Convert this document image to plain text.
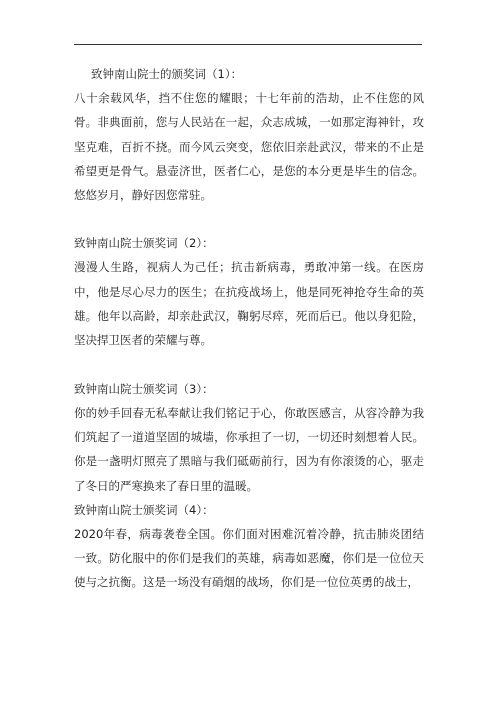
致钟南山院士的颁奖词（1）：

八十余载风华，挡不住您的耀眼；十七年前的浩劫，止不住您的风骨。非典面前，您与人民站在一起，众志成城，一如那定海神针，攻坚克难，百折不挠。而今风云突变，您依旧亲赴武汉，带来的不止是希望更是骨气。悬壶济世，医者仁心，是您的本分更是毕生的信念。悠悠岁月，静好因您常驻。

致钟南山院士颁奖词（2）：

漫漫人生路，视病人为己任；抗击新病毒，勇敢冲第一线。在医房中，他是尽心尽力的医生；在抗疫战场上，他是同死神抢夺生命的英雄。他年以高龄，却亲赴武汉，鞠躬尽瘁，死而后已。他以身犯险，坚决捍卫医者的荣耀与尊。

致钟南山院士颁奖词（3）：

你的妙手回春无私奉献让我们铭记于心，你敢医感言，从容冷静为我们筑起了一道道坚固的城墙，你承担了一切，一切还时刻想着人民。你是一盏明灯照亮了黑暗与我们砥砺前行，因为有你滚烫的心，驱走了冬日的严寒换来了春日里的温暖。

致钟南山院士颁奖词（4）：

2020年春，病毒袭卷全国。你们面对困难沉着冷静，抗击肺炎团结一致。防化服中的你们是我们的英雄，病毒如恶魔，你们是一位位天使与之抗衡。这是一场没有硝烟的战场，你们是一位位英勇的战士，
